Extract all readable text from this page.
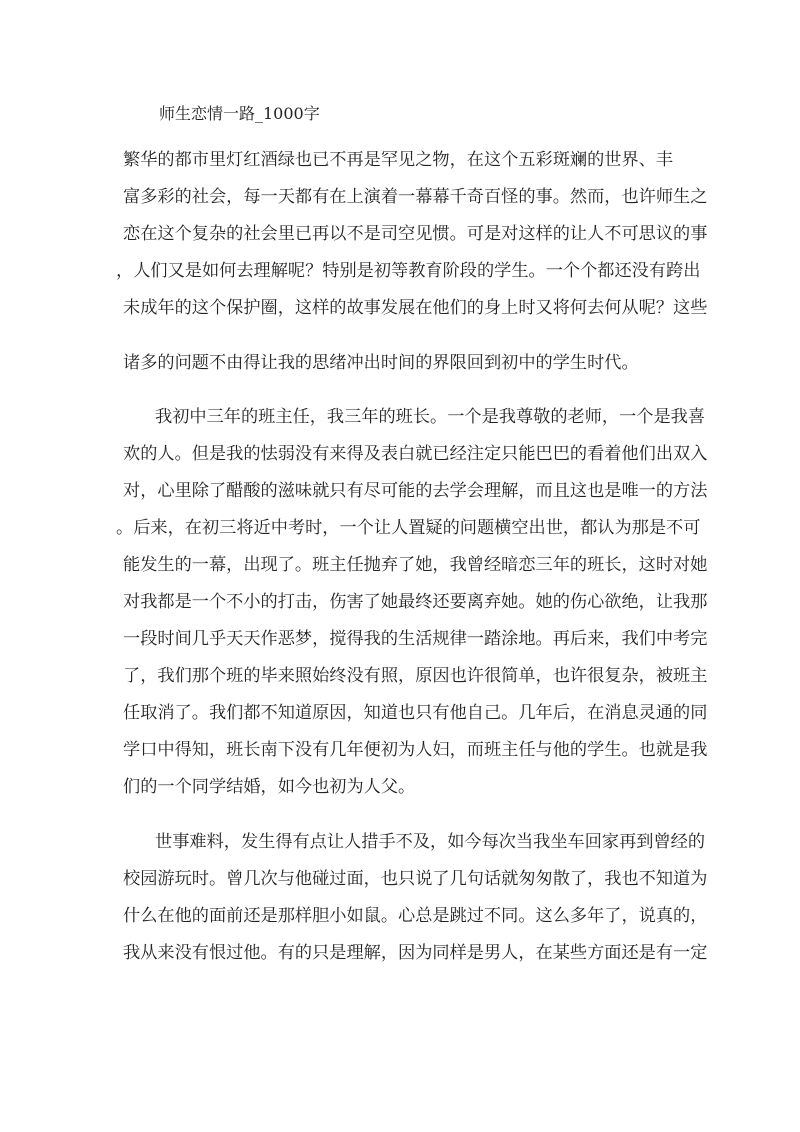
师生恋情一路_1000字
繁华的都市里灯红酒绿也已不再是罕见之物，在这个五彩斑斓的世界、丰
富多彩的社会，每一天都有在上演着一幕幕千奇百怪的事。然而，也许师生之
恋在这个复杂的社会里已再以不是司空见惯。可是对这样的让人不可思议的事
，人们又是如何去理解呢？特别是初等教育阶段的学生。一个个都还没有跨出
未成年的这个保护圈，这样的故事发展在他们的身上时又将何去何从呢？这些
诸多的问题不由得让我的思绪冲出时间的界限回到初中的学生时代。
我初中三年的班主任，我三年的班长。一个是我尊敬的老师，一个是我喜
欢的人。但是我的怯弱没有来得及表白就已经注定只能巴巴的看着他们出双入
对，心里除了醋酸的滋味就只有尽可能的去学会理解，而且这也是唯一的方法
。后来，在初三将近中考时，一个让人置疑的问题横空出世，都认为那是不可
能发生的一幕，出现了。班主任抛弃了她，我曾经暗恋三年的班长，这时对她
对我都是一个不小的打击，伤害了她最终还要离弃她。她的伤心欲绝，让我那
一段时间几乎天天作恶梦，搅得我的生活规律一踏涂地。再后来，我们中考完
了，我们那个班的毕来照始终没有照，原因也许很简单，也许很复杂，被班主
任取消了。我们都不知道原因，知道也只有他自己。几年后，在消息灵通的同
学口中得知，班长南下没有几年便初为人妇，而班主任与他的学生。也就是我
们的一个同学结婚，如今也初为人父。
世事难料，发生得有点让人措手不及，如今每次当我坐车回家再到曾经的
校园游玩时。曾几次与他碰过面，也只说了几句话就匆匆散了，我也不知道为
什么在他的面前还是那样胆小如鼠。心总是跳过不同。这么多年了，说真的，
我从来没有恨过他。有的只是理解，因为同样是男人，在某些方面还是有一定
